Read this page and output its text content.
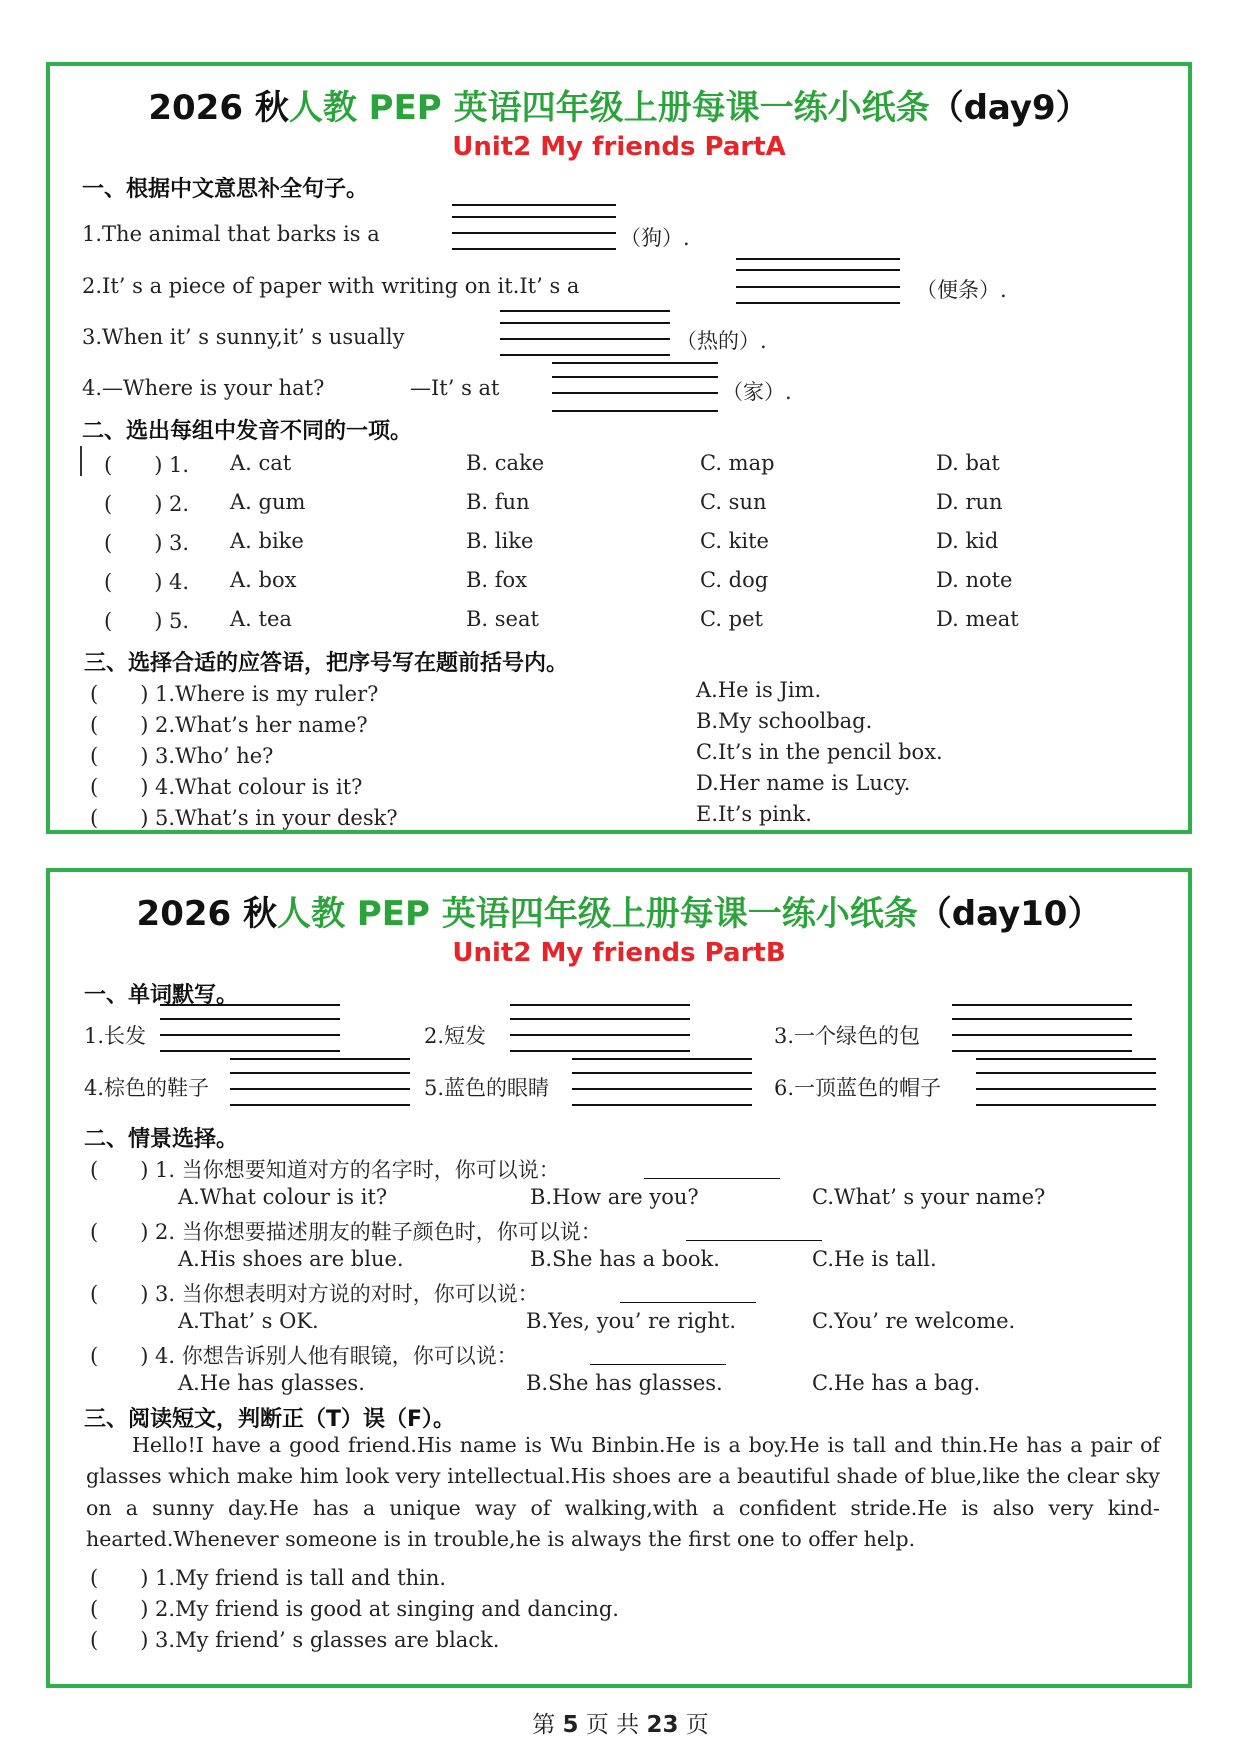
2026 秋人教 PEP 英语四年级上册每课一练小纸条（day9）
Unit2 My friends PartA
一、根据中文意思补全句子。
1.The animal that barks is a	（狗）.
2.It’ s a piece of paper with writing on it.It’ s a	（便条）.
3.When it’ s sunny,it’ s usually	（热的）.
4.—Where is your hat?	—It’ s at	（家）.
二、选出每组中发音不同的一项。
(　　) 1. A. cat	B. cake	C. map	D. bat
(　　) 2. A. gum	B. fun	C. sun	D. run
(　　) 3. A. bike	B. like	C. kite	D. kid
(　　) 4. A. box	B. fox	C. dog	D. note
(　　) 5. A. tea	B. seat	C. pet	D. meat
三、选择合适的应答语，把序号写在题前括号内。
(　　) 1.Where is my ruler?
(　　) 2.What’s her name?
(　　) 3.Who’ he?
(　　) 4.What colour is it?
(　　) 5.What’s in your desk?
A.He is Jim.
B.My schoolbag.
C.It’s in the pencil box.
D.Her name is Lucy.
E.It’s pink.
2026 秋人教 PEP 英语四年级上册每课一练小纸条（day10）
Unit2 My friends PartB
一、单词默写。
1.长发	2.短发	3.一个绿色的包
4.棕色的鞋子	5.蓝色的眼睛	6.一顶蓝色的帽子
二、情景选择。
(　　) 1. 当你想要知道对方的名字时，你可以说：
A.What colour is it?	B.How are you?	C.What’ s your name?
(　　) 2. 当你想要描述朋友的鞋子颜色时，你可以说：
A.His shoes are blue.	B.She has a book.	C.He is tall.
(　　) 3. 当你想表明对方说的对时，你可以说：
A.That’ s OK.	B.Yes, you’ re right.	C.You’ re welcome.
(　　) 4. 你想告诉别人他有眼镜，你可以说：
A.He has glasses.	B.She has glasses.	C.He has a bag.
三、阅读短文，判断正（T）误（F）。
Hello!I have a good friend.His name is Wu Binbin.He is a boy.He is tall and thin.He has a pair of glasses which make him look very intellectual.His shoes are a beautiful shade of blue,like the clear sky on a sunny day.He has a unique way of walking,with a confident stride.He is also very kind-hearted.Whenever someone is in trouble,he is always the first one to offer help.
(　　) 1.My friend is tall and thin.
(　　) 2.My friend is good at singing and dancing.
(　　) 3.My friend’ s glasses are black.
第 5 页 共 23 页
